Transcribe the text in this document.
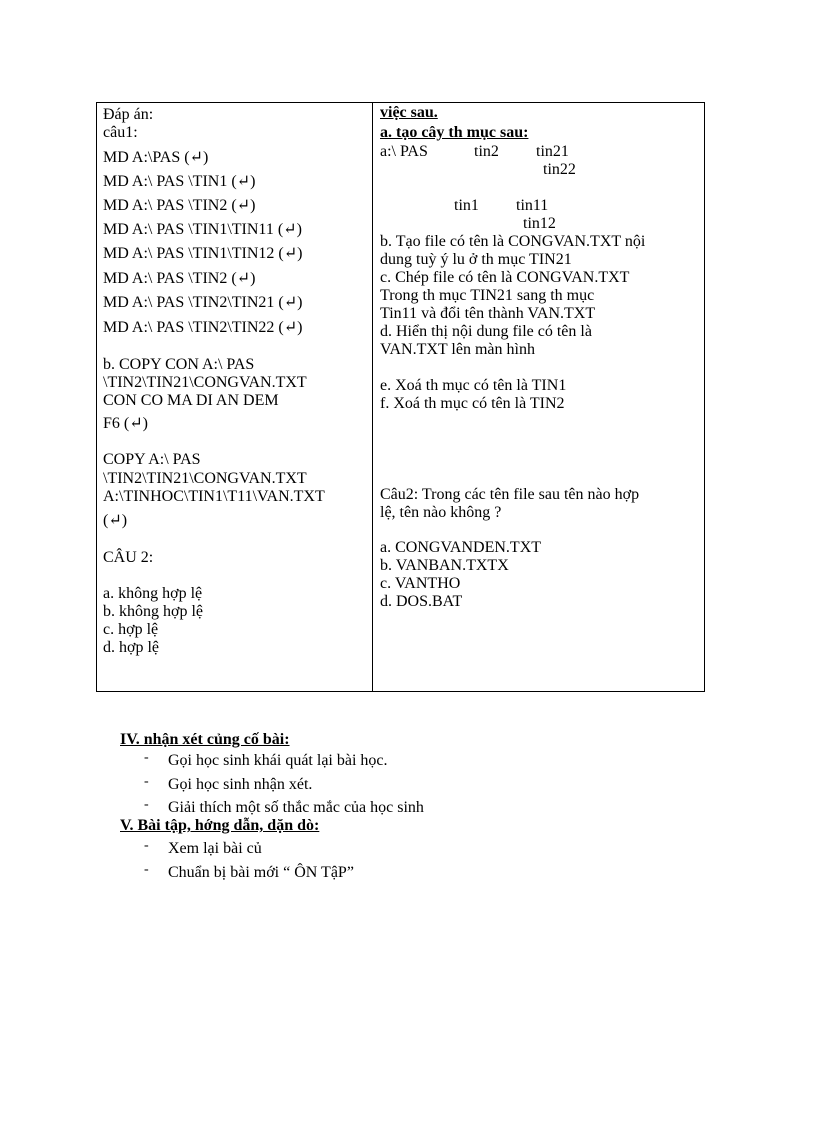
Đáp án:
câu1:
MD A:\PAS (↵)
MD A:\ PAS \TIN1 (↵)
MD A:\ PAS \TIN2 (↵)
MD A:\ PAS \TIN1\TIN11 (↵)
MD A:\ PAS \TIN1\TIN12 (↵)
MD A:\ PAS \TIN2 (↵)
MD A:\ PAS \TIN2\TIN21 (↵)
MD A:\ PAS \TIN2\TIN22 (↵)
b. COPY CON A:\ PAS
\TIN2\TIN21\CONGVAN.TXT
CON CO MA DI AN DEM
F6 (↵)
COPY A:\ PAS
\TIN2\TIN21\CONGVAN.TXT
A:\TINHOC\TIN1\T11\VAN.TXT
(↵)
CÂU 2:
a. không hợp lệ
b. không hợp lệ
c. hợp lệ
d. hợp lệ
việc sau.
a. tạo cây th mục sau:
a:\ PAS	tin2 tin21
tin22
tin1 tin11
tin12
b. Tạo file có tên là CONGVAN.TXT nội
dung tuỳ ý lu ở th mục TIN21
c. Chép file có tên là CONGVAN.TXT
Trong th mục TIN21 sang th mục
Tin11 và đổi tên thành VAN.TXT
d. Hiển thị nội dung file có tên là
VAN.TXT lên màn hình
e. Xoá th mục có tên là TIN1
f. Xoá th mục có tên là TIN2
Câu2: Trong các tên file sau tên nào hợp
lệ, tên nào không ?
a. CONGVANDEN.TXT
b. VANBAN.TXTX
c. VANTHO
d. DOS.BAT
IV. nhận xét củng cố bài:
- Gọi học sinh khái quát lại bài học.
- Gọi học sinh nhận xét.
- Giải thích một số thắc mắc của học sinh
V. Bài tập, hớng dẫn, dặn dò:
- Xem lại bài củ
- Chuẩn bị bài mới “ ÔN TậP”
